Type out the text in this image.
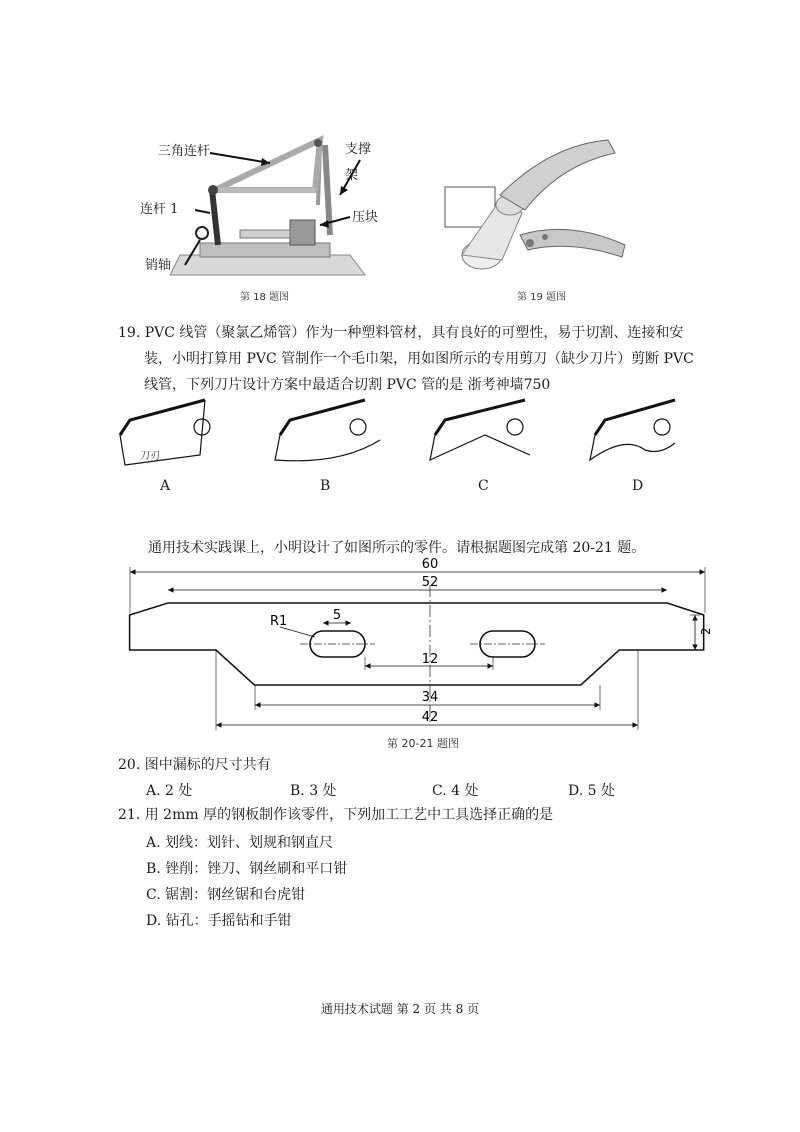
三角连杆	支撑架
连杆 1
压块
销轴
第 18 题图	第 19 题图
19. PVC 线管（聚氯乙烯管）作为一种塑料管材，具有良好的可塑性，易于切割、连接和安
装，小明打算用 PVC 管制作一个毛巾架，用如图所示的专用剪刀（缺少刀片）剪断 PVC
线管，下列刀片设计方案中最适合切割 PVC 管的是 浙考神墙750
刀刃
A	B	C	D
通用技术实践课上，小明设计了如图所示的零件。请根据题图完成第 20-21 题。
60
52
R1	5
12
2
34
42
第 20-21 题图
20. 图中漏标的尺寸共有
A. 2 处	B. 3 处	C. 4 处	D. 5 处
21. 用 2mm 厚的钢板制作该零件，下列加工工艺中工具选择正确的是
A. 划线：划针、划规和钢直尺
B. 锉削：锉刀、钢丝刷和平口钳
C. 锯割：钢丝锯和台虎钳
D. 钻孔：手摇钻和手钳
通用技术试题 第 2 页 共 8 页
